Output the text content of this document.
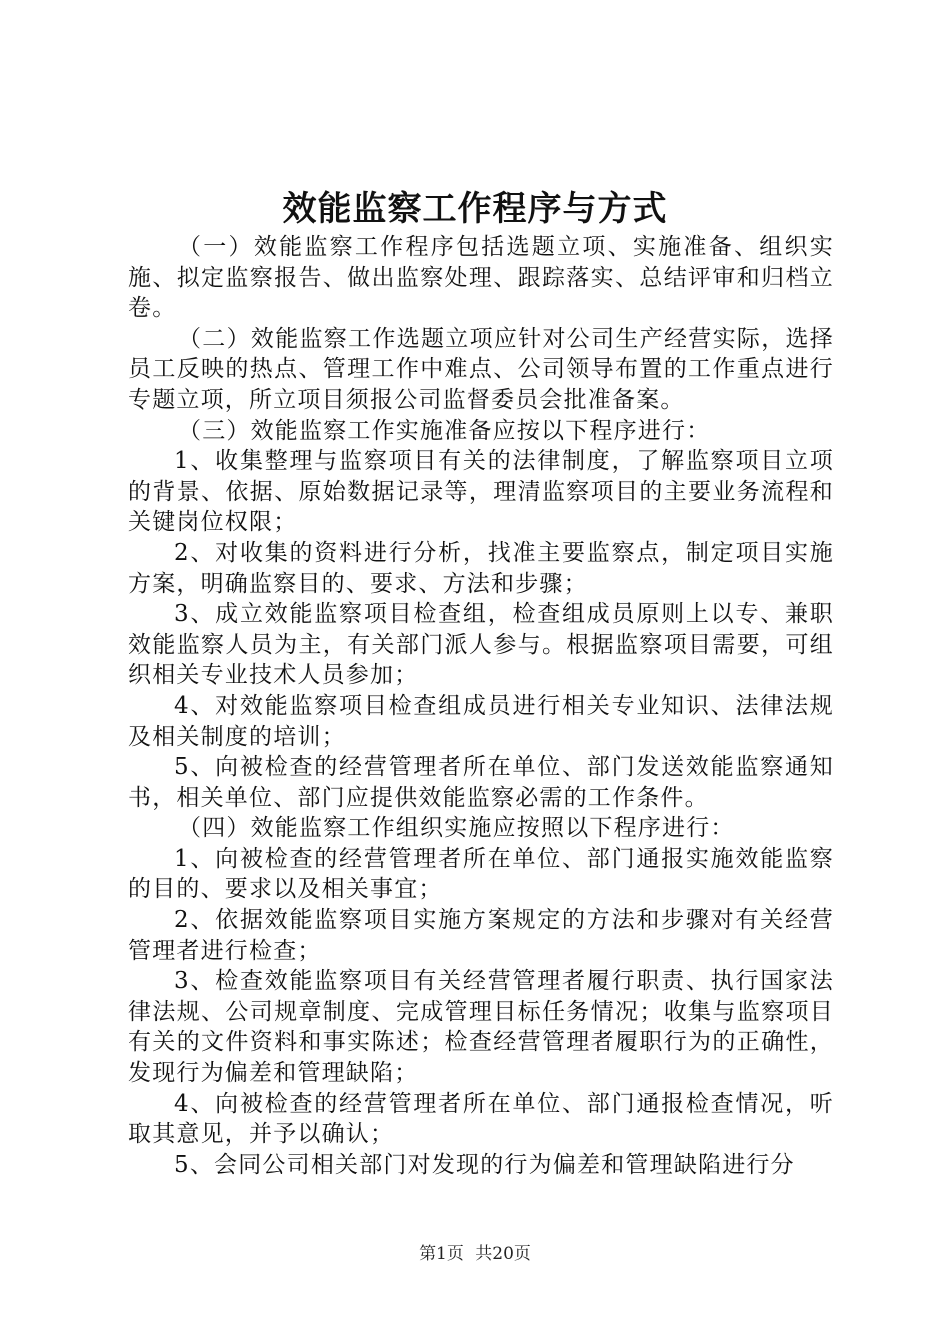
效能监察工作程序与方式

（一）效能监察工作程序包括选题立项、实施准备、组织实施、拟定监察报告、做出监察处理、跟踪落实、总结评审和归档立卷。

（二）效能监察工作选题立项应针对公司生产经营实际，选择员工反映的热点、管理工作中难点、公司领导布置的工作重点进行专题立项，所立项目须报公司监督委员会批准备案。

（三）效能监察工作实施准备应按以下程序进行：

1、收集整理与监察项目有关的法律制度，了解监察项目立项的背景、依据、原始数据记录等，理清监察项目的主要业务流程和关键岗位权限；

2、对收集的资料进行分析，找准主要监察点，制定项目实施方案，明确监察目的、要求、方法和步骤；

3、成立效能监察项目检查组，检查组成员原则上以专、兼职效能监察人员为主，有关部门派人参与。根据监察项目需要，可组织相关专业技术人员参加；

4、对效能监察项目检查组成员进行相关专业知识、法律法规及相关制度的培训；

5、向被检查的经营管理者所在单位、部门发送效能监察通知书，相关单位、部门应提供效能监察必需的工作条件。

（四）效能监察工作组织实施应按照以下程序进行：

1、向被检查的经营管理者所在单位、部门通报实施效能监察的目的、要求以及相关事宜；

2、依据效能监察项目实施方案规定的方法和步骤对有关经营管理者进行检查；

3、检查效能监察项目有关经营管理者履行职责、执行国家法律法规、公司规章制度、完成管理目标任务情况；收集与监察项目有关的文件资料和事实陈述；检查经营管理者履职行为的正确性，发现行为偏差和管理缺陷；

4、向被检查的经营管理者所在单位、部门通报检查情况，听取其意见，并予以确认；

5、会同公司相关部门对发现的行为偏差和管理缺陷进行分

第1页 共20页
